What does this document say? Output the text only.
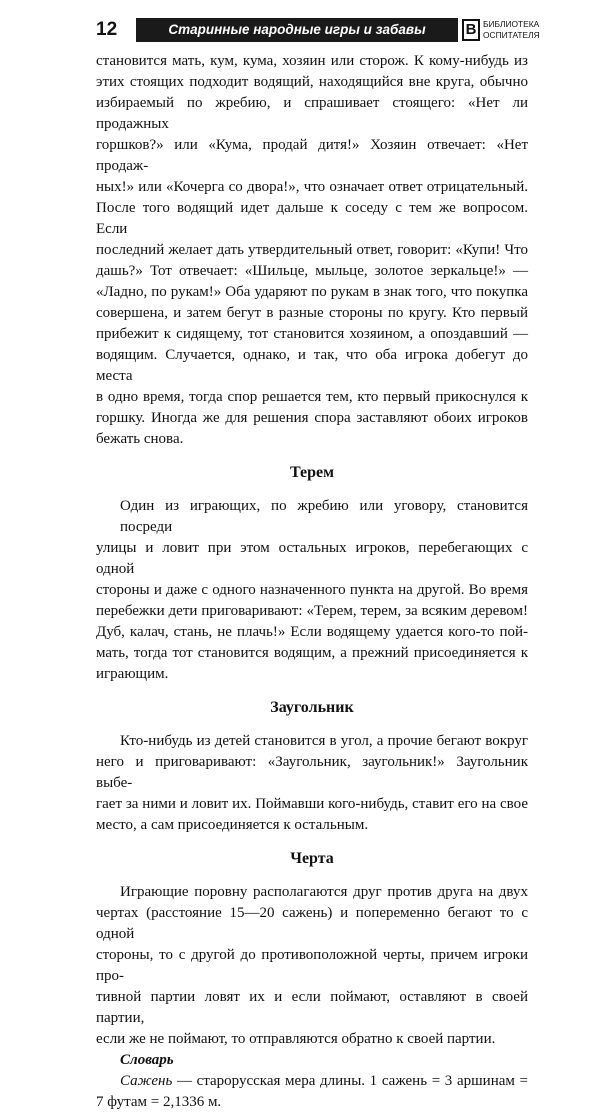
12	Старинные народные игры и забавы	В БИБЛИОТЕКА
ОСПИТАТЕЛЯ

становится мать, кум, кума, хозяин или сторож. К кому-нибудь из
этих стоящих подходит водящий, находящийся вне круга, обычно
избираемый по жребию, и спрашивает стоящего: «Нет ли продажных
горшков?» или «Кума, продай дитя!» Хозяин отвечает: «Нет продаж-
ных!» или «Кочерга со двора!», что означает ответ отрицательный.
После того водящий идет дальше к соседу с тем же вопросом. Если
последний желает дать утвердительный ответ, говорит: «Купи! Что
дашь?» Тот отвечает: «Шильце, мыльце, золотое зеркальце!» —
«Ладно, по рукам!» Оба ударяют по рукам в знак того, что покупка
совершена, и затем бегут в разные стороны по кругу. Кто первый
прибежит к сидящему, тот становится хозяином, а опоздавший —
водящим. Случается, однако, и так, что оба игрока добегут до места
в одно время, тогда спор решается тем, кто первый прикоснулся к
горшку. Иногда же для решения спора заставляют обоих игроков
бежать снова.

Терем

Один из играющих, по жребию или уговору, становится посреди
улицы и ловит при этом остальных игроков, перебегающих с одной
стороны и даже с одного назначенного пункта на другой. Во время
перебежки дети приговаривают: «Терем, терем, за всяким деревом!
Дуб, калач, стань, не плачь!» Если водящему удается кого-то пой-
мать, тогда тот становится водящим, а прежний присоединяется к
играющим.

Заугольник

Кто-нибудь из детей становится в угол, а прочие бегают вокруг
него и приговаривают: «Заугольник, заугольник!» Заугольник выбе-
гает за ними и ловит их. Поймавши кого-нибудь, ставит его на свое
место, а сам присоединяется к остальным.

Черта

Играющие поровну располагаются друг против друга на двух
чертах (расстояние 15—20 сажень) и попеременно бегают то с одной
стороны, то с другой до противоположной черты, причем игроки про-
тивной партии ловят их и если поймают, оставляют в своей партии,
если же не поймают, то отправляются обратно к своей партии.

Словарь

Сажень — старорусская мера длины. 1 сажень = 3 аршинам =
7 футам = 2,1336 м.
